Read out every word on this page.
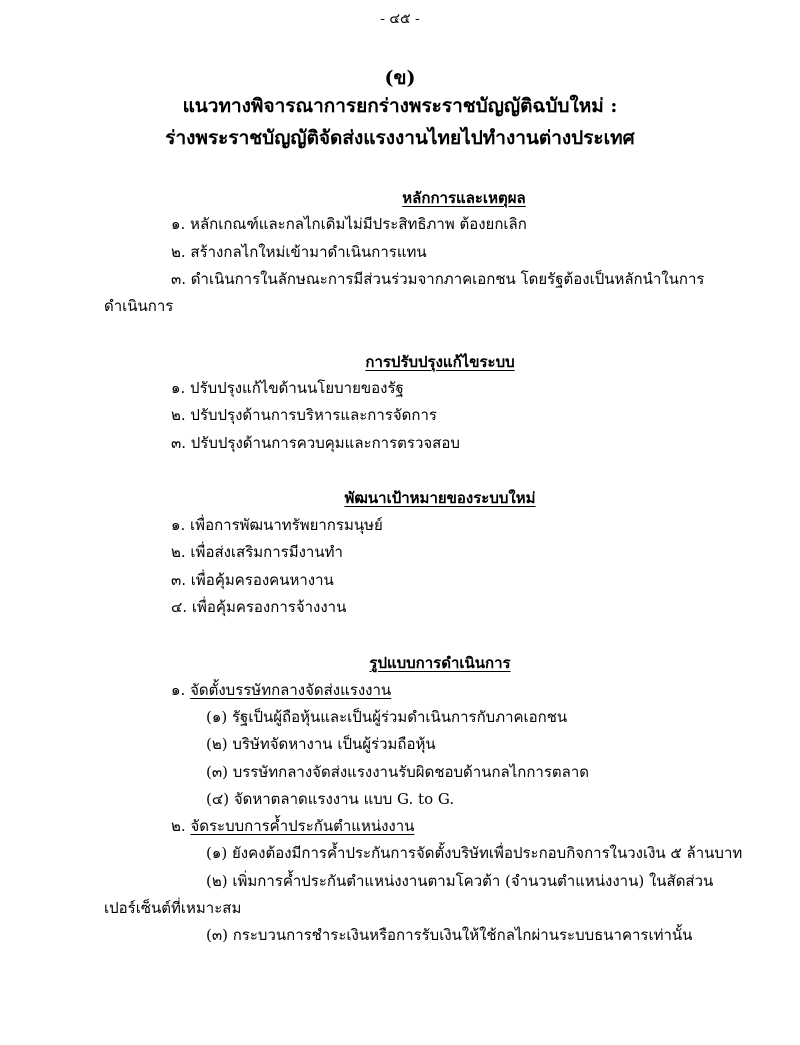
- ๔๕ -
(ข)
แนวทางพิจารณาการยกร่างพระราชบัญญัติฉบับใหม่ :
ร่างพระราชบัญญัติจัดส่งแรงงานไทยไปทำงานต่างประเทศ
หลักการและเหตุผล
๑. หลักเกณฑ์และกลไกเดิมไม่มีประสิทธิภาพ ต้องยกเลิก
๒. สร้างกลไกใหม่เข้ามาดำเนินการแทน
๓. ดำเนินการในลักษณะการมีส่วนร่วมจากภาคเอกชน โดยรัฐต้องเป็นหลักนำในการ
ดำเนินการ
การปรับปรุงแก้ไขระบบ
๑. ปรับปรุงแก้ไขด้านนโยบายของรัฐ
๒. ปรับปรุงด้านการบริหารและการจัดการ
๓. ปรับปรุงด้านการควบคุมและการตรวจสอบ
พัฒนาเป้าหมายของระบบใหม่
๑. เพื่อการพัฒนาทรัพยากรมนุษย์
๒. เพื่อส่งเสริมการมีงานทำ
๓. เพื่อคุ้มครองคนหางาน
๔. เพื่อคุ้มครองการจ้างงาน
รูปแบบการดำเนินการ
๑. จัดตั้งบรรษัทกลางจัดส่งแรงงาน
(๑) รัฐเป็นผู้ถือหุ้นและเป็นผู้ร่วมดำเนินการกับภาคเอกชน
(๒) บริษัทจัดหางาน เป็นผู้ร่วมถือหุ้น
(๓) บรรษัทกลางจัดส่งแรงงานรับผิดชอบด้านกลไกการตลาด
(๔) จัดหาตลาดแรงงาน แบบ G. to G.
๒. จัดระบบการค้ำประกันตำแหน่งงาน
(๑) ยังคงต้องมีการค้ำประกันการจัดตั้งบริษัทเพื่อประกอบกิจการในวงเงิน ๕ ล้านบาท
(๒) เพิ่มการค้ำประกันตำแหน่งงานตามโควต้า (จำนวนตำแหน่งงาน) ในสัดส่วน
เปอร์เซ็นต์ที่เหมาะสม
(๓) กระบวนการชำระเงินหรือการรับเงินให้ใช้กลไกผ่านระบบธนาคารเท่านั้น
